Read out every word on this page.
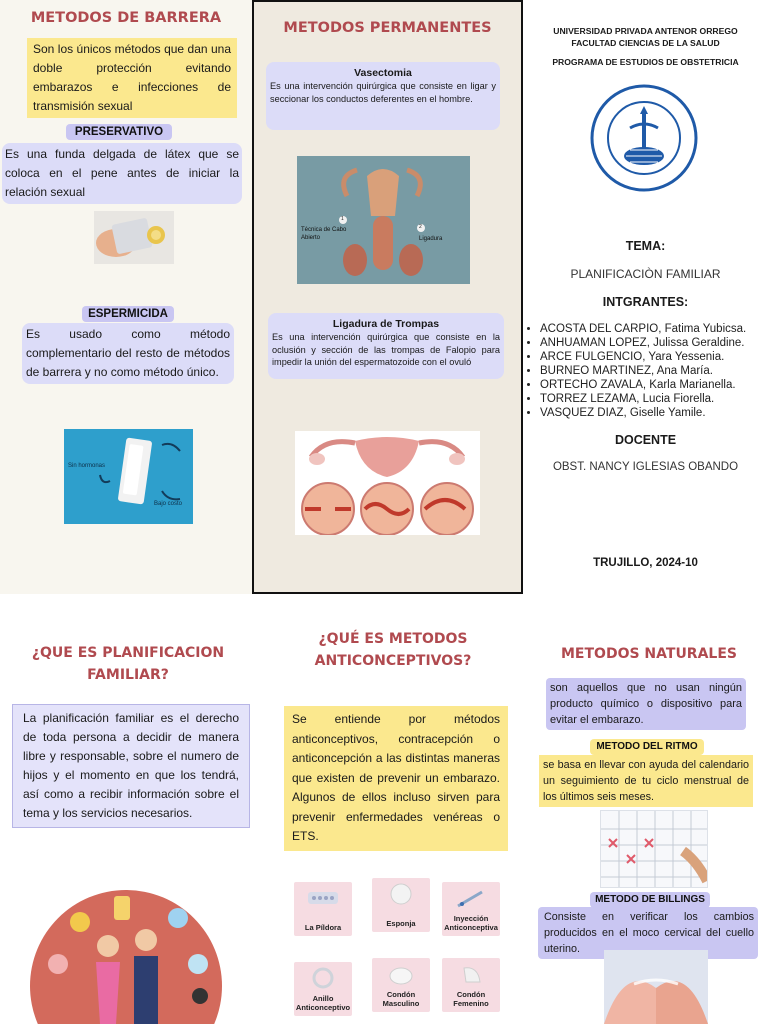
METODOS DE BARRERA
Son los únicos métodos que dan una doble protección evitando embarazos e infecciones de transmisión sexual
PRESERVATIVO
Es una funda delgada de látex que se coloca en el pene antes de iniciar la relación sexual
ESPERMICIDA
Es usado como método complementario del resto de métodos de barrera y no como método único.
Sin hormonas
Bajo costo
METODOS PERMANENTES
Vasectomia
Es una intervención quirúrgica que consiste en ligar y seccionar los conductos deferentes en el hombre.
1
2
Técnica de Cabo Abierto	Ligadura
Ligadura de Trompas
Es una intervención quirúrgica que consiste en la oclusión y sección de las trompas de Falopio para impedir la unión del espermatozoide con el ovuló
UNIVERSIDAD PRIVADA ANTENOR ORREGO
FACULTAD CIENCIAS DE LA SALUD
PROGRAMA DE ESTUDIOS DE OBSTETRICIA
TEMA:
PLANIFICACIÒN FAMILIAR
INTGRANTES:
• ACOSTA DEL CARPIO, Fatima Yubicsa.
• ANHUAMAN LOPEZ, Julissa Geraldine.
• ARCE FULGENCIO, Yara Yessenia.
• BURNEO MARTINEZ, Ana María.
• ORTECHO ZAVALA, Karla Marianella.
• TORREZ LEZAMA, Lucia Fiorella.
• VASQUEZ DIAZ, Giselle Yamile.
DOCENTE
OBST. NANCY IGLESIAS OBANDO
TRUJILLO, 2024-10
¿QUE ES PLANIFICACION FAMILIAR?
La planificación familiar es el derecho de toda persona a decidir de manera libre y responsable, sobre el numero de hijos y el momento en que los tendrá, así como a recibir información sobre el tema y los servicios necesarios.
¿QUÉ ES METODOS ANTICONCEPTIVOS?
Se entiende por métodos anticonceptivos, contracepción o anticoncepción a las distintas maneras que existen de prevenir un embarazo. Algunos de ellos incluso sirven para prevenir enfermedades venéreas o ETS.
La Píldora	Esponja
Inyección Anticonceptiva
Anillo Anticonceptivo
Condón Masculino
Condón Femenino
METODOS NATURALES
son aquellos que no usan ningún producto químico o dispositivo para evitar el embarazo.
METODO DEL RITMO
se basa en llevar con ayuda del calendario un seguimiento de tu ciclo menstrual de los últimos seis meses.
METODO DE BILLINGS
Consiste en verificar los cambios producidos en el moco cervical del cuello uterino.
